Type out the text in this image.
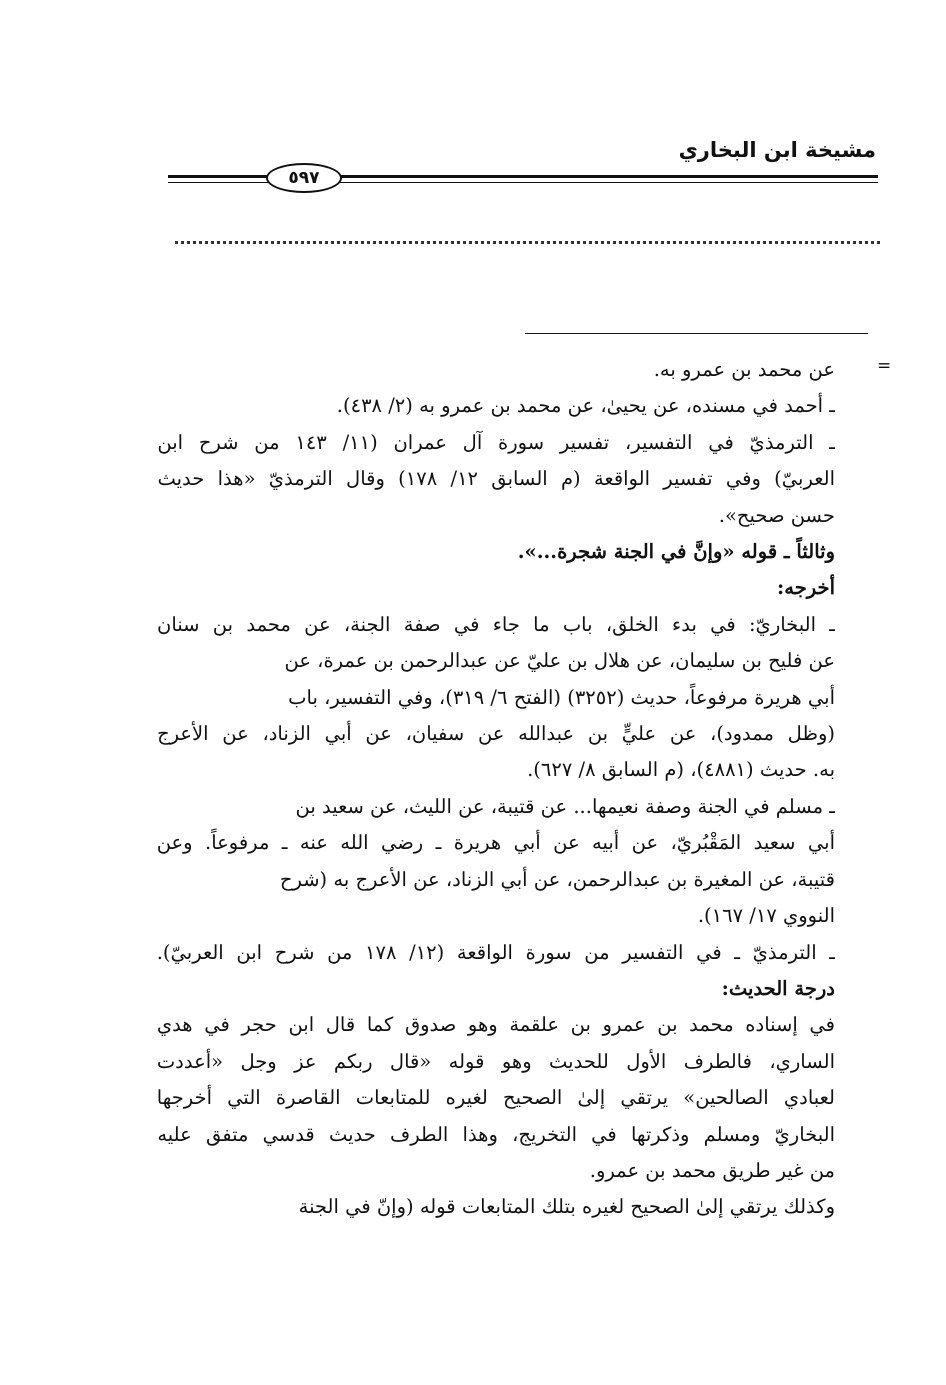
مشيخة ابن البخاري
٥٩٧
=
عن محمد بن عمرو به.
ـ أحمد في مسنده، عن يحيىٰ، عن محمد بن عمرو به (٢/ ٤٣٨).
ـ الترمذيّ في التفسير، تفسير سورة آل عمران (١١/ ١٤٣ من شرح ابن
العربيّ) وفي تفسير الواقعة (م السابق ١٢/ ١٧٨) وقال الترمذيّ «هذا حديث
حسن صحيح».
وثالثاً ـ قوله «وإنَّ في الجنة شجرة...».
أخرجه:
ـ البخاريّ: في بدء الخلق، باب ما جاء في صفة الجنة، عن محمد بن سنان
عن فليح بن سليمان، عن هلال بن عليّ عن عبدالرحمن بن عمرة، عن
أبي هريرة مرفوعاً، حديث (٣٢٥٢) (الفتح ٦/ ٣١٩)، وفي التفسير، باب
(وظل ممدود)، عن عليٍّ بن عبدالله عن سفيان، عن أبي الزناد، عن الأعرج
به. حديث (٤٨٨١)، (م السابق ٨/ ٦٢٧).
ـ مسلم في الجنة وصفة نعيمها... عن قتيبة، عن الليث، عن سعيد بن
أبي سعيد المَقْبُريّ، عن أبيه عن أبي هريرة ـ رضي الله عنه ـ مرفوعاً. وعن
قتيبة، عن المغيرة بن عبدالرحمن، عن أبي الزناد، عن الأعرج به (شرح
النووي ١٧/ ١٦٧).
ـ الترمذيّ ـ في التفسير من سورة الواقعة (١٢/ ١٧٨ من شرح ابن العربيّ).
درجة الحديث:
في إسناده محمد بن عمرو بن علقمة وهو صدوق كما قال ابن حجر في هدي
الساري، فالطرف الأول للحديث وهو قوله «قال ربكم عز وجل «أعددت
لعبادي الصالحين» يرتقي إلىٰ الصحيح لغيره للمتابعات القاصرة التي أخرجها
البخاريّ ومسلم وذكرتها في التخريج، وهذا الطرف حديث قدسي متفق عليه
من غير طريق محمد بن عمرو.
وكذلك يرتقي إلىٰ الصحيح لغيره بتلك المتابعات قوله (وإنّ في الجنة
